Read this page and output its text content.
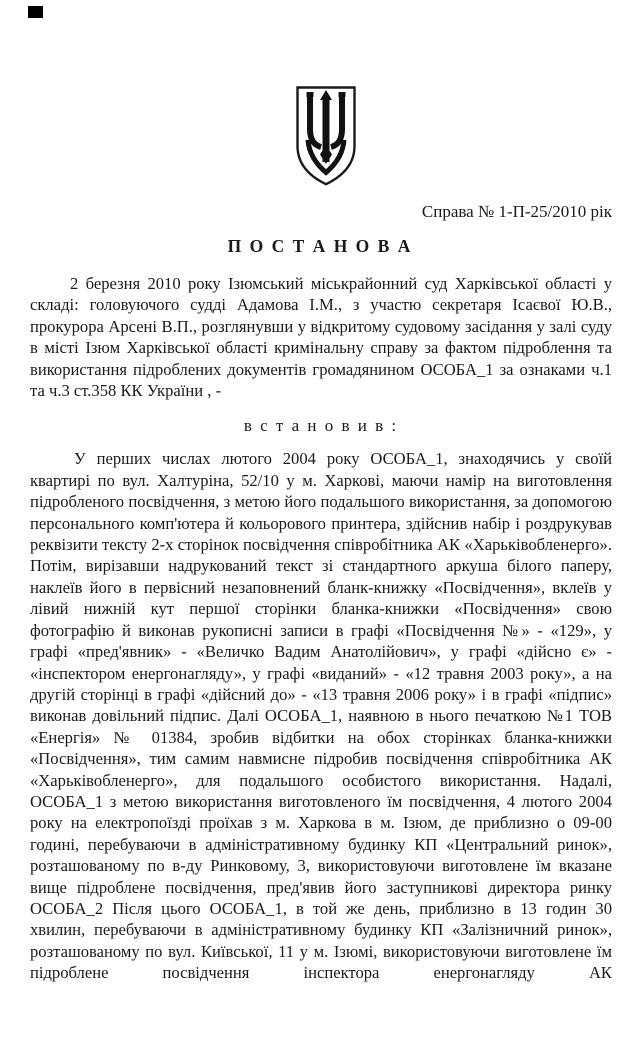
Справа № 1-П-25/2010 рік
П О С Т А Н О В А

2 березня 2010 року Ізюмський міськрайонний суд Харківської області у складі: головуючого судді Адамова І.М., з участю секретаря Ісаєвої Ю.В., прокурора Арсені В.П., розглянувши у відкритому судовому засідання у залі суду в місті Ізюм Харківської області кримінальну справу за фактом підроблення та використання підроблених документів громадянином ОСОБА_1 за ознаками ч.1 та ч.3 ст.358 КК України , -

в с т а н о в и в :

У перших числах лютого 2004 року ОСОБА_1, знаходячись у своїй квартирі по вул. Халтуріна, 52/10 у м. Харкові, маючи намір на виготовлення підробленого посвідчення, з метою його подальшого використання, за допомогою персонального комп'ютера й кольорового принтера, здійснив набір і роздрукував реквізити тексту 2-х сторінок посвідчення співробітника АК «Харьківобленерго». Потім, вирізавши надрукований текст зі стандартного аркуша білого паперу, наклеїв його в первісний незаповнений бланк-книжку «Посвідчення», вклеїв у лівий нижній кут першої сторінки бланка-книжки «Посвідчення» свою фотографію й виконав рукописні записи в графі «Посвідчення №» - «129», у графі «пред'явник» - «Величко Вадим Анатолійович», у графі «дійсно є» - «інспектором енергонагляду», у графі «виданий» - «12 травня 2003 року», а на другій сторінці в графі «дійсний до» - «13 травня 2006 року» і в графі «підпис» виконав довільний підпис. Далі ОСОБА_1, наявною в нього печаткою №1 ТОВ «Енергія» № 01384, зробив відбитки на обох сторінках бланка-книжки «Посвідчення», тим самим навмисне підробив посвідчення співробітника АК «Харьківобленерго», для подальшого особистого використання. Надалі, ОСОБА_1 з метою використання виготовленого їм посвідчення, 4 лютого 2004 року на електропоїзді проїхав з м. Харкова в м. Ізюм, де приблизно о 09-00 годині, перебуваючи в адміністративному будинку КП «Центральний ринок», розташованому по в-ду Ринковому, 3, використовуючи виготовлене їм вказане вище підроблене посвідчення, пред'явив його заступникові директора ринку ОСОБА_2 Після цього ОСОБА_1, в той же день, приблизно в 13 годин 30 хвилин, перебуваючи в адміністративному будинку КП «Залізничний ринок», розташованому по вул. Київської, 11 у м. Ізюмі, використовуючи виготовлене їм підроблене посвідчення інспектора енергонагляду АК
